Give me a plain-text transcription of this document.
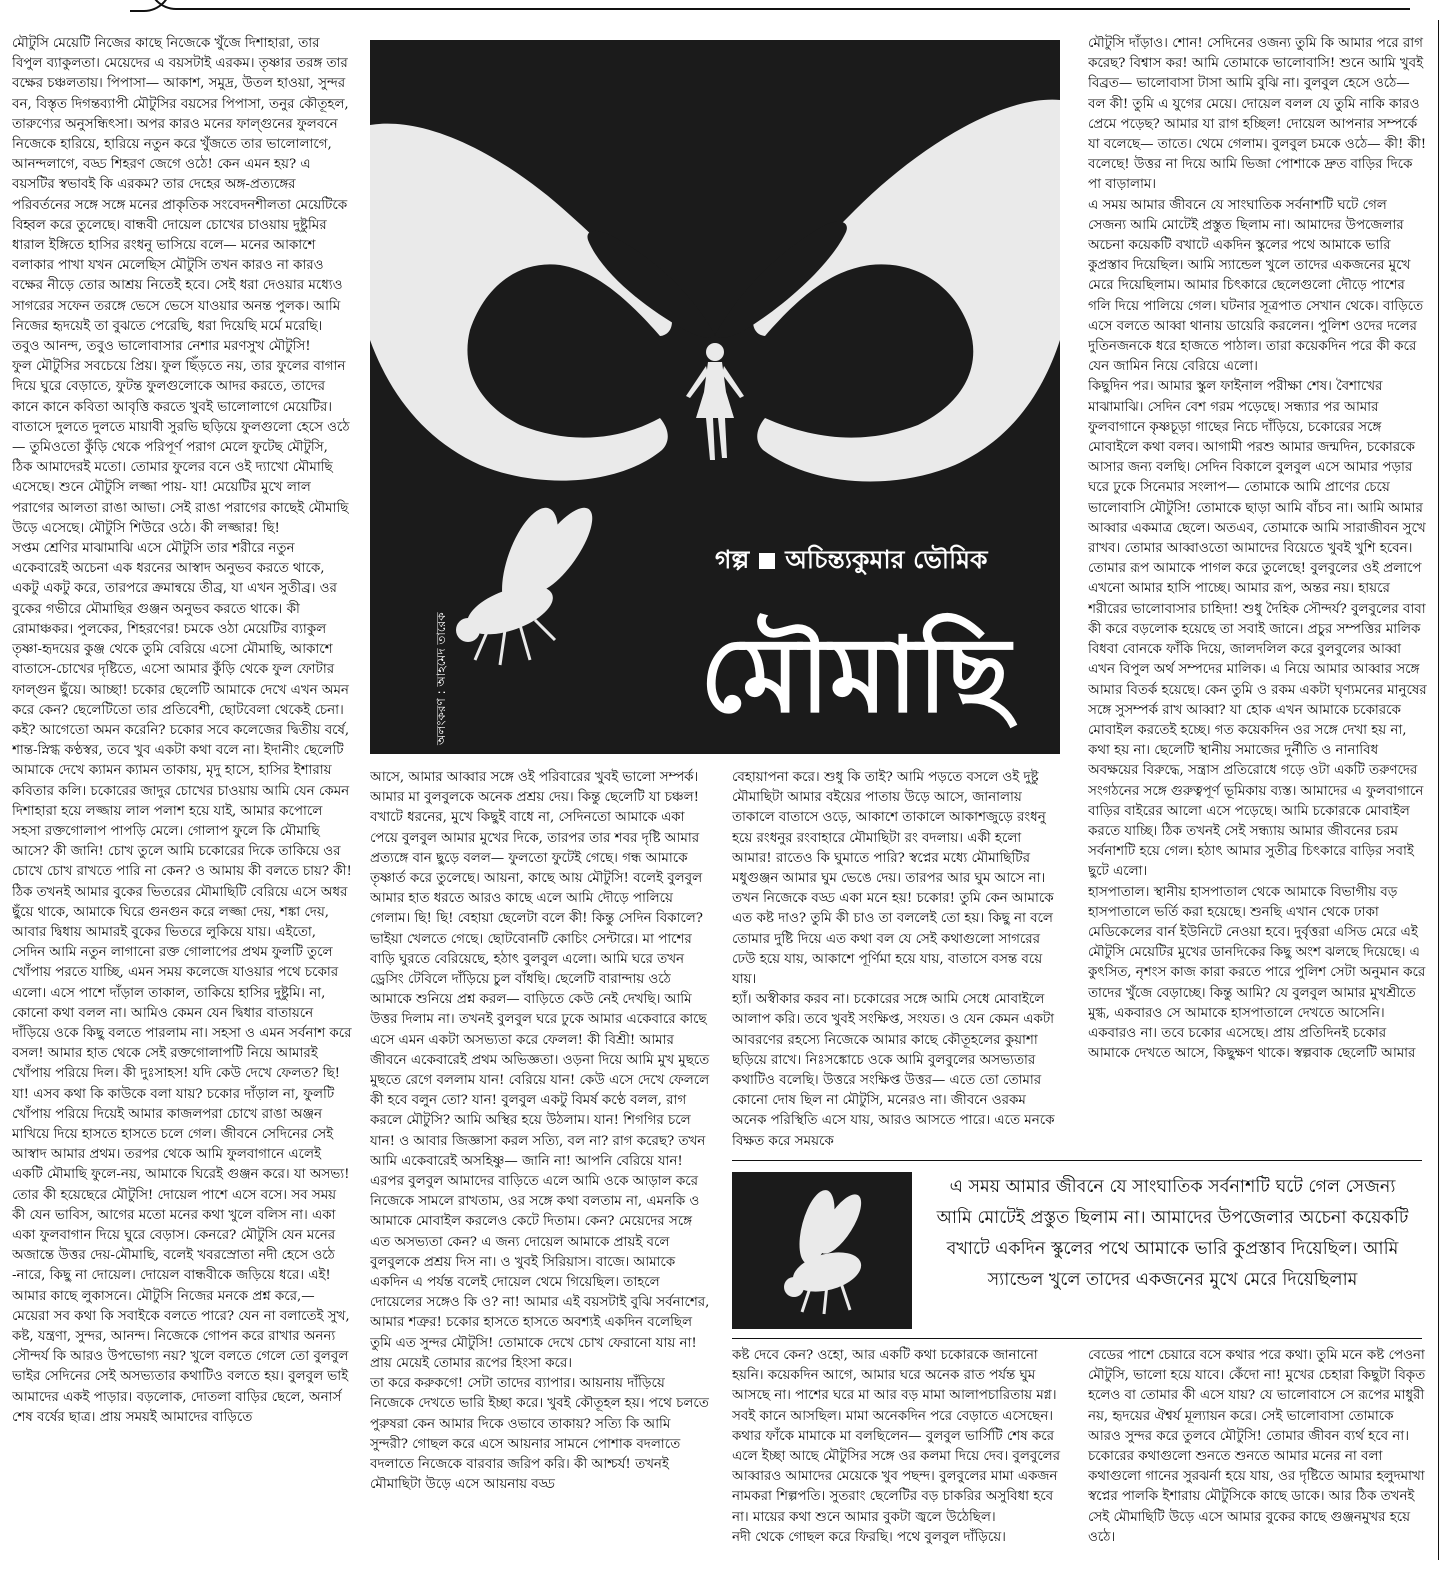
মৌটুসি মেয়েটি নিজের কাছে নিজেকে খুঁজে দিশাহারা, তার বিপুল ব্যাকুলতা। মেয়েদের এ বয়সটাই এরকম। তৃষ্ণার তরঙ্গ তার বক্ষের চঞ্চলতায়। পিপাসা— আকাশ, সমুদ্র, উতল হাওয়া, সুন্দর বন, বিস্তৃত দিগন্তব্যাপী মৌটুসির বয়সের পিপাসা, তনুর কৌতূহল, তারুণ্যের অনুসন্ধিৎসা। অপর কারও মনের ফাল্গুনের ফুলবনে নিজেকে হারিয়ে, হারিয়ে নতুন করে খুঁজতে তার ভালোলাগে, আনন্দলাগে, বড্ড শিহরণ জেগে ওঠে! কেন এমন হয়? এ বয়সটির স্বভাবই কি এরকম? তার দেহের অঙ্গ-প্রত্যঙ্গের পরিবর্তনের সঙ্গে সঙ্গে মনের প্রাকৃতিক সংবেদনশীলতা মেয়েটিকে বিহ্বল করে তুলেছে। বান্ধবী দোয়েল চোখের চাওয়ায় দুষ্টুমির ধারাল ইঙ্গিতে হাসির রংধনু ভাসিয়ে বলে— মনের আকাশে বলাকার পাখা যখন মেলেছিস মৌটুসি তখন কারও না কারও বক্ষের নীড়ে তোর আশ্রয় নিতেই হবে। সেই ধরা দেওয়ার মধ্যেও সাগরের সফেন তরঙ্গে ভেসে ভেসে যাওয়ার অনন্ত পুলক। আমি নিজের হৃদয়েই তা বুঝতে পেরেছি, ধরা দিয়েছি মর্মে মরেছি। তবুও আনন্দ, তবুও ভালোবাসার নেশার মরণসুখ মৌটুসি!

ফুল মৌটুসির সবচেয়ে প্রিয়। ফুল ছিঁড়তে নয়, তার ফুলের বাগান দিয়ে ঘুরে বেড়াতে, ফুটন্ত ফুলগুলোকে আদর করতে, তাদের কানে কানে কবিতা আবৃত্তি করতে খুবই ভালোলাগে মেয়েটির। বাতাসে দুলতে দুলতে মায়াবী সুরভি ছড়িয়ে ফুলগুলো হেসে ওঠে— তুমিওতো কুঁড়ি থেকে পরিপূর্ণ পরাগ মেলে ফুটেছ মৌটুসি, ঠিক আমাদেরই মতো। তোমার ফুলের বনে ওই দ্যাখো মৌমাছি এসেছে। শুনে মৌটুসি লজ্জা পায়- যা! মেয়েটির মুখে লাল পরাগের আলতা রাঙা আভা। সেই রাঙা পরাগের কাছেই মৌমাছি উড়ে এসেছে। মৌটুসি শিউরে ওঠে। কী লজ্জার! ছি!

সপ্তম শ্রেণির মাঝামাঝি এসে মৌটুসি তার শরীরে নতুন একেবারেই অচেনা এক ধরনের আস্বাদ অনুভব করতে থাকে, একটু একটু করে, তারপরে ক্রমান্বয়ে তীব্র, যা এখন সুতীব্র। ওর বুকের গভীরে মৌমাছির গুঞ্জন অনুভব করতে থাকে। কী রোমাঞ্চকর। পুলকের, শিহরণের! চমকে ওঠা মেয়েটির ব্যাকুল তৃষ্ণা-হৃদয়ের কুঞ্জ থেকে তুমি বেরিয়ে এসো মৌমাছি, আকাশে বাতাসে-চোখের দৃষ্টিতে, এসো আমার কুঁড়ি থেকে ফুল ফোটার ফাল্গুন ছুঁয়ে। আচ্ছা! চকোর ছেলেটি আমাকে দেখে এখন অমন করে কেন? ছেলেটিতো তার প্রতিবেশী, ছোটবেলা থেকেই চেনা। কই? আগেতো অমন করেনি? চকোর সবে কলেজের দ্বিতীয় বর্ষে, শান্ত-স্নিগ্ধ কণ্ঠস্বর, তবে খুব একটা কথা বলে না। ইদানীং ছেলেটি আমাকে দেখে ক্যামন ক্যামন তাকায়, মৃদু হাসে, হাসির ইশারায় কবিতার কলি। চকোরের জাদুর চোখের চাওয়ায় আমি যেন কেমন দিশাহারা হয়ে লজ্জায় লাল পলাশ হয়ে যাই, আমার কপোলে সহসা রক্তগোলাপ পাপড়ি মেলে। গোলাপ ফুলে কি মৌমাছি আসে? কী জানি! চোখ তুলে আমি চকোরের দিকে তাকিয়ে ওর চোখে চোখ রাখতে পারি না কেন? ও আমায় কী বলতে চায়? কী! ঠিক তখনই আমার বুকের ভিতরের মৌমাছিটি বেরিয়ে এসে অধর ছুঁয়ে থাকে, আমাকে ঘিরে গুনগুন করে লজ্জা দেয়, শঙ্কা দেয়, আবার দ্বিধায় আমারই বুকের ভিতরে লুকিয়ে যায়। এইতো, সেদিন আমি নতুন লাগানো রক্ত গোলাপের প্রথম ফুলটি তুলে খোঁপায় পরতে যাচ্ছি, এমন সময় কলেজে যাওয়ার পথে চকোর এলো। এসে পাশে দাঁড়াল তাকাল, তাকিয়ে হাসির দুষ্টুমি। না, কোনো কথা বলল না। আমিও কেমন যেন দ্বিধার বাতায়নে দাঁড়িয়ে ওকে কিছু বলতে পারলাম না। সহসা ও এমন সর্বনাশ করে বসল! আমার হাত থেকে সেই রক্তগোলাপটি নিয়ে আমারই খোঁপায় পরিয়ে দিল। কী দুঃসাহস! যদি কেউ দেখে ফেলত? ছি! যা! এসব কথা কি কাউকে বলা যায়? চকোর দাঁড়াল না, ফুলটি খোঁপায় পরিয়ে দিয়েই আমার কাজলপরা চোখে রাঙা অঞ্জন মাখিয়ে দিয়ে হাসতে হাসতে চলে গেল। জীবনে সেদিনের সেই আস্বাদ আমার প্রথম। তরপর থেকে আমি ফুলবাগানে এলেই একটি মৌমাছি ফুলে-নয়, আমাকে ঘিরেই গুঞ্জন করে। যা অসভ্য! তোর কী হয়েছেরে মৌটুসি! দোয়েল পাশে এসে বসে। সব সময় কী যেন ভাবিস, আগের মতো মনের কথা খুলে বলিস না। একা একা ফুলবাগান দিয়ে ঘুরে বেড়াস। কেনরে? মৌটুসি যেন মনের অজান্তে উত্তর দেয়-মৌমাছি, বলেই খবরস্রোতা নদী হেসে ওঠে -নারে, কিছু না দোয়েল। দোয়েল বান্ধবীকে জড়িয়ে ধরে। এই! আমার কাছে লুকাসনে। মৌটুসি নিজের মনকে প্রশ্ন করে,— মেয়েরা সব কথা কি সবাইকে বলতে পারে? যেন না বলাতেই সুখ, কষ্ট, যন্ত্রণা, সুন্দর, আনন্দ। নিজেকে গোপন করে রাখার অনন্য সৌন্দর্য কি আরও উপভোগ্য নয়? খুলে বলতে গেলে তো বুলবুল ভাইর সেদিনের সেই অসভ্যতার কথাটিও বলতে হয়। বুলবুল ভাই আমাদের একই পাড়ার। বড়লোক, দোতলা বাড়ির ছেলে, অনার্স শেষ বর্ষের ছাত্র। প্রায় সময়ই আমাদের বাড়িতে

গল্প অচিন্ত্যকুমার ভৌমিক
মৌমাছি
অলংকরণ : আহমেদ তারেক

আসে, আমার আব্বার সঙ্গে ওই পরিবারের খুবই ভালো সম্পর্ক। আমার মা বুলবুলকে অনেক প্রশ্রয় দেয়। কিন্তু ছেলেটি যা চঞ্চল! বখাটে ধরনের, মুখে কিছুই বাধে না, সেদিনতো আমাকে একা পেয়ে বুলবুল আমার মুখের দিকে, তারপর তার শবর দৃষ্টি আমার প্রত্যঙ্গে বান ছুড়ে বলল— ফুলতো ফুটেই গেছে। গন্ধ আমাকে তৃষ্ণার্ত করে তুলেছে। আয়না, কাছে আয় মৌটুসি! বলেই বুলবুল আমার হাত ধরতে আরও কাছে এলে আমি দৌড়ে পালিয়ে গেলাম। ছি! ছি! বেহায়া ছেলেটা বলে কী! কিন্তু সেদিন বিকালে? ভাইয়া খেলতে গেছে। ছোটবোনটি কোচিং সেন্টারে। মা পাশের বাড়ি ঘুরতে বেরিয়েছে, হঠাৎ বুলবুল এলো। আমি ঘরে তখন ড্রেসিং টেবিলে দাঁড়িয়ে চুল বাঁধছি। ছেলেটি বারান্দায় ওঠে আমাকে শুনিয়ে প্রশ্ন করল— বাড়িতে কেউ নেই দেখছি। আমি উত্তর দিলাম না। তখনই বুলবুল ঘরে ঢুকে আমার একেবারে কাছে এসে এমন একটা অসভ্যতা করে ফেলল! কী বিশ্রী! আমার জীবনে একেবারেই প্রথম অভিজ্ঞতা। ওড়না দিয়ে আমি মুখ মুছতে মুছতে রেগে বললাম যান! বেরিয়ে যান! কেউ এসে দেখে ফেললে কী হবে বলুন তো? যান! বুলবুল একটু বিমর্ষ কণ্ঠে বলল, রাগ করলে মৌটুসি? আমি অস্থির হয়ে উঠলাম। যান! শিগগির চলে যান! ও আবার জিজ্ঞাসা করল সত্যি, বল না? রাগ করেছ? তখন আমি একেবারেই অসহিষ্ণু— জানি না! আপনি বেরিয়ে যান!

এরপর বুলবুল আমাদের বাড়িতে এলে আমি ওকে আড়াল করে নিজেকে সামলে রাখতাম, ওর সঙ্গে কথা বলতাম না, এমনকি ও আমাকে মোবাইল করলেও কেটে দিতাম। কেন? মেয়েদের সঙ্গে এত অসভ্যতা কেন? এ জন্য দোয়েল আমাকে প্রায়ই বলে বুলবুলকে প্রশ্রয় দিস না। ও খুবই সিরিয়াস। বাজে। আমাকে একদিন এ পর্যন্ত বলেই দোয়েল থেমে গিয়েছিল। তাহলে দোয়েলের সঙ্গেও কি ও? না! আমার এই বয়সটাই বুঝি সর্বনাশের, আমার শত্রুর! চকোর হাসতে হাসতে অবশ্যই একদিন বলেছিল তুমি এত সুন্দর মৌটুসি! তোমাকে দেখে চোখ ফেরানো যায় না! প্রায় মেয়েই তোমার রূপের হিংসা করে।

তা করে করুকগে! সেটা তাদের ব্যাপার। আয়নায় দাঁড়িয়ে নিজেকে দেখতে ভারি ইচ্ছা করে। খুবই কৌতূহল হয়। পথে চলতে পুরুষরা কেন আমার দিকে ওভাবে তাকায়? সত্যি কি আমি সুন্দরী? গোছল করে এসে আয়নার সামনে পোশাক বদলাতে বদলাতে নিজেকে বারবার জরিপ করি। কী আশ্চর্য! তখনই মৌমাছিটা উড়ে এসে আয়নায় বড্ড

বেহায়াপনা করে। শুধু কি তাই? আমি পড়তে বসলে ওই দুষ্টু মৌমাছিটা আমার বইয়ের পাতায় উড়ে আসে, জানালায় তাকালে বাতাসে ওড়ে, আকাশে তাকালে আকাশজুড়ে রংধনু হয়ে রংধনুর রংবাহারে মৌমাছিটা রং বদলায়। একী হলো আমার! রাতেও কি ঘুমাতে পারি? স্বপ্নের মধ্যে মৌমাছিটির মধুগুঞ্জন আমার ঘুম ভেঙে দেয়। তারপর আর ঘুম আসে না। তখন নিজেকে বড্ড একা মনে হয়! চকোর! তুমি কেন আমাকে এত কষ্ট দাও? তুমি কী চাও তা বললেই তো হয়। কিছু না বলে তোমার দুষ্টি দিয়ে এত কথা বল যে সেই কথাগুলো সাগরের ঢেউ হয়ে যায়, আকাশে পূর্ণিমা হয়ে যায়, বাতাসে বসন্ত বয়ে যায়।

হ্যাঁ। অস্বীকার করব না। চকোরের সঙ্গে আমি সেধে মোবাইলে আলাপ করি। তবে খুবই সংক্ষিপ্ত, সংযত। ও যেন কেমন একটা আবরণের রহস্যে নিজেকে আমার কাছে কৌতূহলের কুয়াশা ছড়িয়ে রাখে। নিঃসঙ্কোচে ওকে আমি বুলবুলের অসভ্যতার কথাটিও বলেছি। উত্তরে সংক্ষিপ্ত উত্তর— এতে তো তোমার কোনো দোষ ছিল না মৌটুসি, মনেরও না। জীবনে ওরকম অনেক পরিস্থিতি এসে যায়, আরও আসতে পারে। এতে মনকে বিক্ষত করে সময়কে

এ সময় আমার জীবনে যে সাংঘাতিক সর্বনাশটি ঘটে গেল সেজন্য আমি মোটেই প্রস্তুত ছিলাম না। আমাদের উপজেলার অচেনা কয়েকটি বখাটে একদিন স্কুলের পথে আমাকে ভারি কুপ্রস্তাব দিয়েছিল। আমি স্যান্ডেল খুলে তাদের একজনের মুখে মেরে দিয়েছিলাম

কষ্ট দেবে কেন? ওহো, আর একটি কথা চকোরকে জানানো হয়নি। কয়েকদিন আগে, আমার ঘরে অনেক রাত পর্যন্ত ঘুম আসছে না। পাশের ঘরে মা আর বড় মামা আলাপচারিতায় মগ্ন। সবই কানে আসছিল। মামা অনেকদিন পরে বেড়াতে এসেছেন। কথার ফাঁকে মামাকে মা বলছিলেন— বুলবুল ভার্সিটি শেষ করে এলে ইচ্ছা আছে মৌটুসির সঙ্গে ওর কলমা দিয়ে দেব। বুলবুলের আব্বারও আমাদের মেয়েকে খুব পছন্দ। বুলবুলের মামা একজন নামকরা শিল্পপতি। সুতরাং ছেলেটির বড় চাকরির অসুবিধা হবে না। মায়ের কথা শুনে আমার বুকটা জ্বলে উঠেছিল।

নদী থেকে গোছল করে ফিরছি। পথে বুলবুল দাঁড়িয়ে।

মৌটুসি দাঁড়াও। শোন! সেদিনের ওজন্য তুমি কি আমার পরে রাগ করেছ? বিশ্বাস কর! আমি তোমাকে ভালোবাসি! শুনে আমি খুবই বিব্রত— ভালোবাসা টাসা আমি বুঝি না। বুলবুল হেসে ওঠে— বল কী! তুমি এ যুগের মেয়ে। দোয়েল বলল যে তুমি নাকি কারও প্রেমে পড়েছ? আমার যা রাগ হচ্ছিল! দোয়েল আপনার সম্পর্কে যা বলেছে— তাতে। থেমে গেলাম। বুলবুল চমকে ওঠে— কী! কী! বলেছে! উত্তর না দিয়ে আমি ভিজা পোশাকে দ্রুত বাড়ির দিকে পা বাড়ালাম।

এ সময় আমার জীবনে যে সাংঘাতিক সর্বনাশটি ঘটে গেল সেজন্য আমি মোটেই প্রস্তুত ছিলাম না। আমাদের উপজেলার অচেনা কয়েকটি বখাটে একদিন স্কুলের পথে আমাকে ভারি কুপ্রস্তাব দিয়েছিল। আমি স্যান্ডেল খুলে তাদের একজনের মুখে মেরে দিয়েছিলাম। আমার চিৎকারে ছেলেগুলো দৌড়ে পাশের গলি দিয়ে পালিয়ে গেল। ঘটনার সূত্রপাত সেখান থেকে। বাড়িতে এসে বলতে আব্বা থানায় ডায়েরি করলেন। পুলিশ ওদের দলের দুতিনজনকে ধরে হাজতে পাঠাল। তারা কয়েকদিন পরে কী করে যেন জামিন নিয়ে বেরিয়ে এলো।

কিছুদিন পর। আমার স্কুল ফাইনাল পরীক্ষা শেষ। বৈশাখের মাঝামাঝি। সেদিন বেশ গরম পড়েছে। সন্ধ্যার পর আমার ফুলবাগানে কৃষ্ণচূড়া গাছের নিচে দাঁড়িয়ে, চকোরের সঙ্গে মোবাইলে কথা বলব। আগামী পরশু আমার জন্মদিন, চকোরকে আসার জন্য বলছি। সেদিন বিকালে বুলবুল এসে আমার পড়ার ঘরে ঢুকে সিনেমার সংলাপ— তোমাকে আমি প্রাণের চেয়ে ভালোবাসি মৌটুসি! তোমাকে ছাড়া আমি বাঁচব না। আমি আমার আব্বার একমাত্র ছেলে। অতএব, তোমাকে আমি সারাজীবন সুখে রাখব। তোমার আব্বাওতো আমাদের বিয়েতে খুবই খুশি হবেন। তোমার রূপ আমাকে পাগল করে তুলেছে! বুলবুলের ওই প্রলাপে এখনো আমার হাসি পাচ্ছে। আমার রূপ, অন্তর নয়। হায়রে শরীরের ভালোবাসার চাহিদা! শুধু দৈহিক সৌন্দর্য? বুলবুলের বাবা কী করে বড়লোক হয়েছে তা সবাই জানে। প্রচুর সম্পত্তির মালিক বিধবা বোনকে ফাঁকি দিয়ে, জালদলিল করে বুলবুলের আব্বা এখন বিপুল অর্থ সম্পদের মালিক। এ নিয়ে আমার আব্বার সঙ্গে আমার বিতর্ক হয়েছে। কেন তুমি ও রকম একটা ঘৃণ্যমনের মানুষের সঙ্গে সুসম্পর্ক রাখ আব্বা? যা হোক এখন আমাকে চকোরকে মোবাইল করতেই হচ্ছে। গত কয়েকদিন ওর সঙ্গে দেখা হয় না, কথা হয় না। ছেলেটি স্থানীয় সমাজের দুর্নীতি ও নানাবিধ অবক্ষয়ের বিরুদ্ধে, সন্ত্রাস প্রতিরোধে গড়ে ওটা একটি তরুণদের সংগঠনের সঙ্গে গুরুত্বপূর্ণ ভূমিকায় ব্যস্ত। আমাদের এ ফুলবাগানে বাড়ির বাইরের আলো এসে পড়েছে। আমি চকোরকে মোবাইল করতে যাচ্ছি। ঠিক তখনই সেই সন্ধ্যায় আমার জীবনের চরম সর্বনাশটি হয়ে গেল। হঠাৎ আমার সুতীব্র চিৎকারে বাড়ির সবাই ছুটে এলো।

হাসপাতাল। স্থানীয় হাসপাতাল থেকে আমাকে বিভাগীয় বড় হাসপাতালে ভর্তি করা হয়েছে। শুনছি এখান থেকে ঢাকা মেডিকেলের বার্ন ইউনিটে নেওয়া হবে। দুর্বৃত্তরা এসিড মেরে এই মৌটুসি মেয়েটির মুখের ডানদিকের কিছু অংশ ঝলছে দিয়েছে। এ কুৎসিত, নৃশংস কাজ কারা করতে পারে পুলিশ সেটা অনুমান করে তাদের খুঁজে বেড়াচ্ছে। কিন্তু আমি? যে বুলবুল আমার মুখশ্রীতে মুগ্ধ, একবারও সে আমাকে হাসপাতালে দেখতে আসেনি। একবারও না। তবে চকোর এসেছে। প্রায় প্রতিদিনই চকোর আমাকে দেখতে আসে, কিছুক্ষণ থাকে। স্বল্পবাক ছেলেটি আমার

বেডের পাশে চেয়ারে বসে কথার পরে কথা। তুমি মনে কষ্ট পেওনা মৌটুসি, ভালো হয়ে যাবে। কেঁদো না! মুখের চেহারা কিছুটা বিকৃত হলেও বা তোমার কী এসে যায়? যে ভালোবাসে সে রূপের মাধুরী নয়, হৃদয়ের ঐশ্বর্য মূল্যায়ন করে। সেই ভালোবাসা তোমাকে আরও সুন্দর করে তুলবে মৌটুসি! তোমার জীবন ব্যর্থ হবে না। চকোরের কথাগুলো শুনতে শুনতে আমার মনের না বলা কথাগুলো গানের সুরঝর্না হয়ে যায়, ওর দৃষ্টিতে আমার হলুদমাখা স্বপ্নের পালকি ইশারায় মৌটুসিকে কাছে ডাকে। আর ঠিক তখনই সেই মৌমাছিটি উড়ে এসে আমার বুকের কাছে গুঞ্জনমুখর হয়ে ওঠে।
